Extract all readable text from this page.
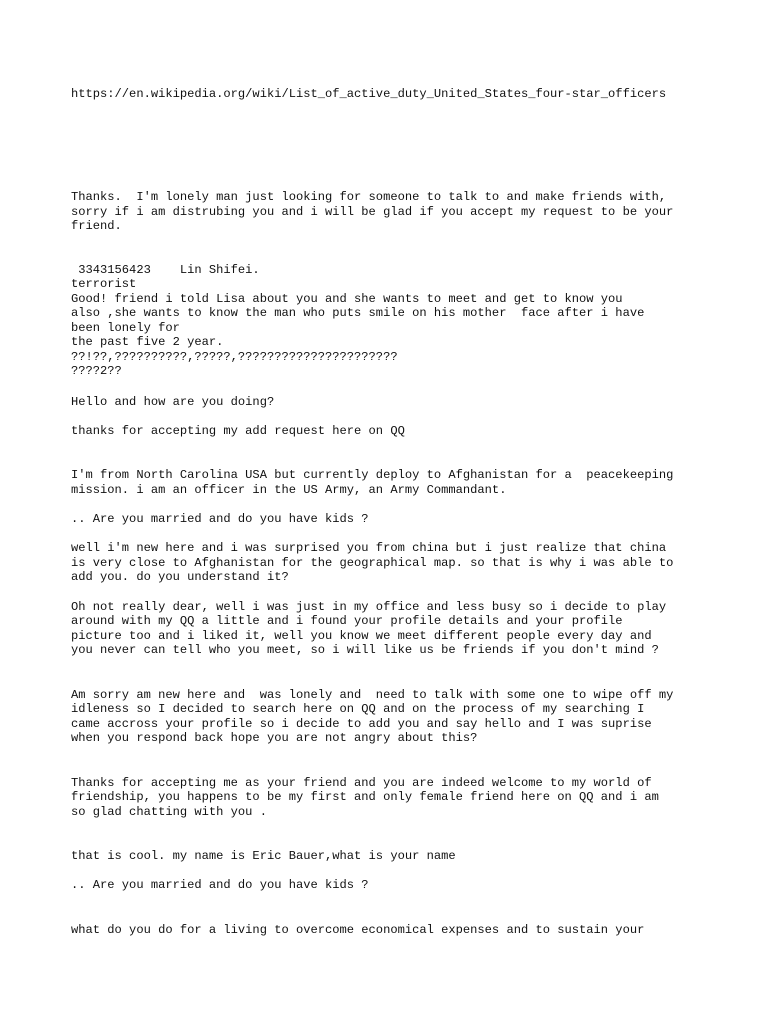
https://en.wikipedia.org/wiki/List_of_active_duty_United_States_four-star_officers

Thanks.  I'm lonely man just looking for someone to talk to and make friends with,

sorry if i am distrubing you and i will be glad if you accept my request to be your

friend.

3343156423    Lin Shifei.

terrorist

Good! friend i told Lisa about you and she wants to meet and get to know you

also ,she wants to know the man who puts smile on his mother  face after i have

been lonely for

the past five 2 year.

??!??,??????????,?????,??????????????????????

????2??

Hello and how are you doing?

thanks for accepting my add request here on QQ

I'm from North Carolina USA but currently deploy to Afghanistan for a  peacekeeping

mission. i am an officer in the US Army, an Army Commandant.

.. Are you married and do you have kids ?

well i'm new here and i was surprised you from china but i just realize that china

is very close to Afghanistan for the geographical map. so that is why i was able to

add you. do you understand it?

Oh not really dear, well i was just in my office and less busy so i decide to play

around with my QQ a little and i found your profile details and your profile

picture too and i liked it, well you know we meet different people every day and

you never can tell who you meet, so i will like us be friends if you don't mind ?

Am sorry am new here and  was lonely and  need to talk with some one to wipe off my

idleness so I decided to search here on QQ and on the process of my searching I

came accross your profile so i decide to add you and say hello and I was suprise

when you respond back hope you are not angry about this?

Thanks for accepting me as your friend and you are indeed welcome to my world of

friendship, you happens to be my first and only female friend here on QQ and i am

so glad chatting with you .

that is cool. my name is Eric Bauer,what is your name

.. Are you married and do you have kids ?

what do you do for a living to overcome economical expenses and to sustain your
